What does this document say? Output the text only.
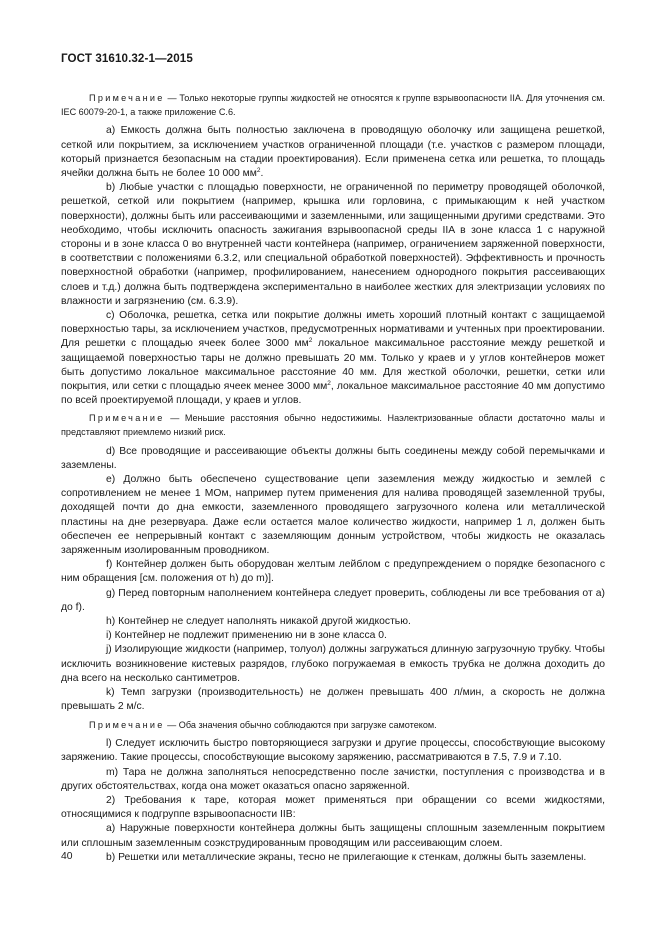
ГОСТ 31610.32-1—2015

Примечание — Только некоторые группы жидкостей не относятся к группе взрывоопасности IIA. Для уточнения см. IEC 60079-20-1, а также приложение С.6.

a) Емкость должна быть полностью заключена в проводящую оболочку или защищена решеткой, сеткой или покрытием, за исключением участков ограниченной площади (т.е. участков с размером площади, который признается безопасным на стадии проектирования). Если применена сетка или решетка, то площадь ячейки должна быть не более 10 000 $мм^2$.

b) Любые участки с площадью поверхности, не ограниченной по периметру проводящей оболочкой, решеткой, сеткой или покрытием (например, крышка или горловина, с примыкающим к ней участком поверхности), должны быть или рассеивающими и заземленными, или защищенными другими средствами. Это необходимо, чтобы исключить опасность зажигания взрывоопасной среды IIA в зоне класса 1 с наружной стороны и в зоне класса 0 во внутренней части контейнера (например, ограничением заряженной поверхности, в соответствии с положениями 6.3.2, или специальной обработкой поверхностей). Эффективность и прочность поверхностной обработки (например, профилированием, нанесением однородного покрытия рассеивающих слоев и т.д.) должна быть подтверждена экспериментально в наиболее жестких для электризации условиях по влажности и загрязнению (см. 6.3.9).

c) Оболочка, решетка, сетка или покрытие должны иметь хороший плотный контакт с защищаемой поверхностью тары, за исключением участков, предусмотренных нормативами и учтенных при проектировании. Для решетки с площадью ячеек более 3000 $мм^2$ локальное максимальное расстояние между решеткой и защищаемой поверхностью тары не должно превышать 20 мм. Только у краев и у углов контейнеров может быть допустимо локальное максимальное расстояние 40 мм. Для жесткой оболочки, решетки, сетки или покрытия, или сетки с площадью ячеек менее 3000 $мм^2$, локальное максимальное расстояние 40 мм допустимо по всей проектируемой площади, у краев и углов.

Примечание — Меньшие расстояния обычно недостижимы. Наэлектризованные области достаточно малы и представляют приемлемо низкий риск.

d) Все проводящие и рассеивающие объекты должны быть соединены между собой перемычками и заземлены.

e) Должно быть обеспечено существование цепи заземления между жидкостью и землей с сопротивлением не менее 1 МОм, например путем применения для налива проводящей заземленной трубы, доходящей почти до дна емкости, заземленного проводящего загрузочного колена или металлической пластины на дне резервуара. Даже если остается малое количество жидкости, например 1 л, должен быть обеспечен ее непрерывный контакт с заземляющим донным устройством, чтобы жидкость не оказалась заряженным изолированным проводником.

f) Контейнер должен быть оборудован желтым лейблом с предупреждением о порядке безопасного с ним обращения [см. положения от h) до m)].

g) Перед повторным наполнением контейнера следует проверить, соблюдены ли все требования от a) до f).

h) Контейнер не следует наполнять никакой другой жидкостью.

i) Контейнер не подлежит применению ни в зоне класса 0.

j) Изолирующие жидкости (например, толуол) должны загружаться длинную загрузочную трубку. Чтобы исключить возникновение кистевых разрядов, глубоко погружаемая в емкость трубка не должна доходить до дна всего на несколько сантиметров.

k) Темп загрузки (производительность) не должен превышать 400 л/мин, а скорость не должна превышать 2 м/с.

Примечание — Оба значения обычно соблюдаются при загрузке самотеком.

l) Следует исключить быстро повторяющиеся загрузки и другие процессы, способствующие высокому заряжению. Такие процессы, способствующие высокому заряжению, рассматриваются в 7.5, 7.9 и 7.10.

m) Тара не должна заполняться непосредственно после зачистки, поступления с производства и в других обстоятельствах, когда она может оказаться опасно заряженной.

2) Требования к таре, которая может применяться при обращении со всеми жидкостями, относящимися к подгруппе взрывоопасности IIB:

a) Наружные поверхности контейнера должны быть защищены сплошным заземленным покрытием или сплошным заземленным соэкструдированным проводящим или рассеивающим слоем.

b) Решетки или металлические экраны, тесно не прилегающие к стенкам, должны быть заземлены.

40
